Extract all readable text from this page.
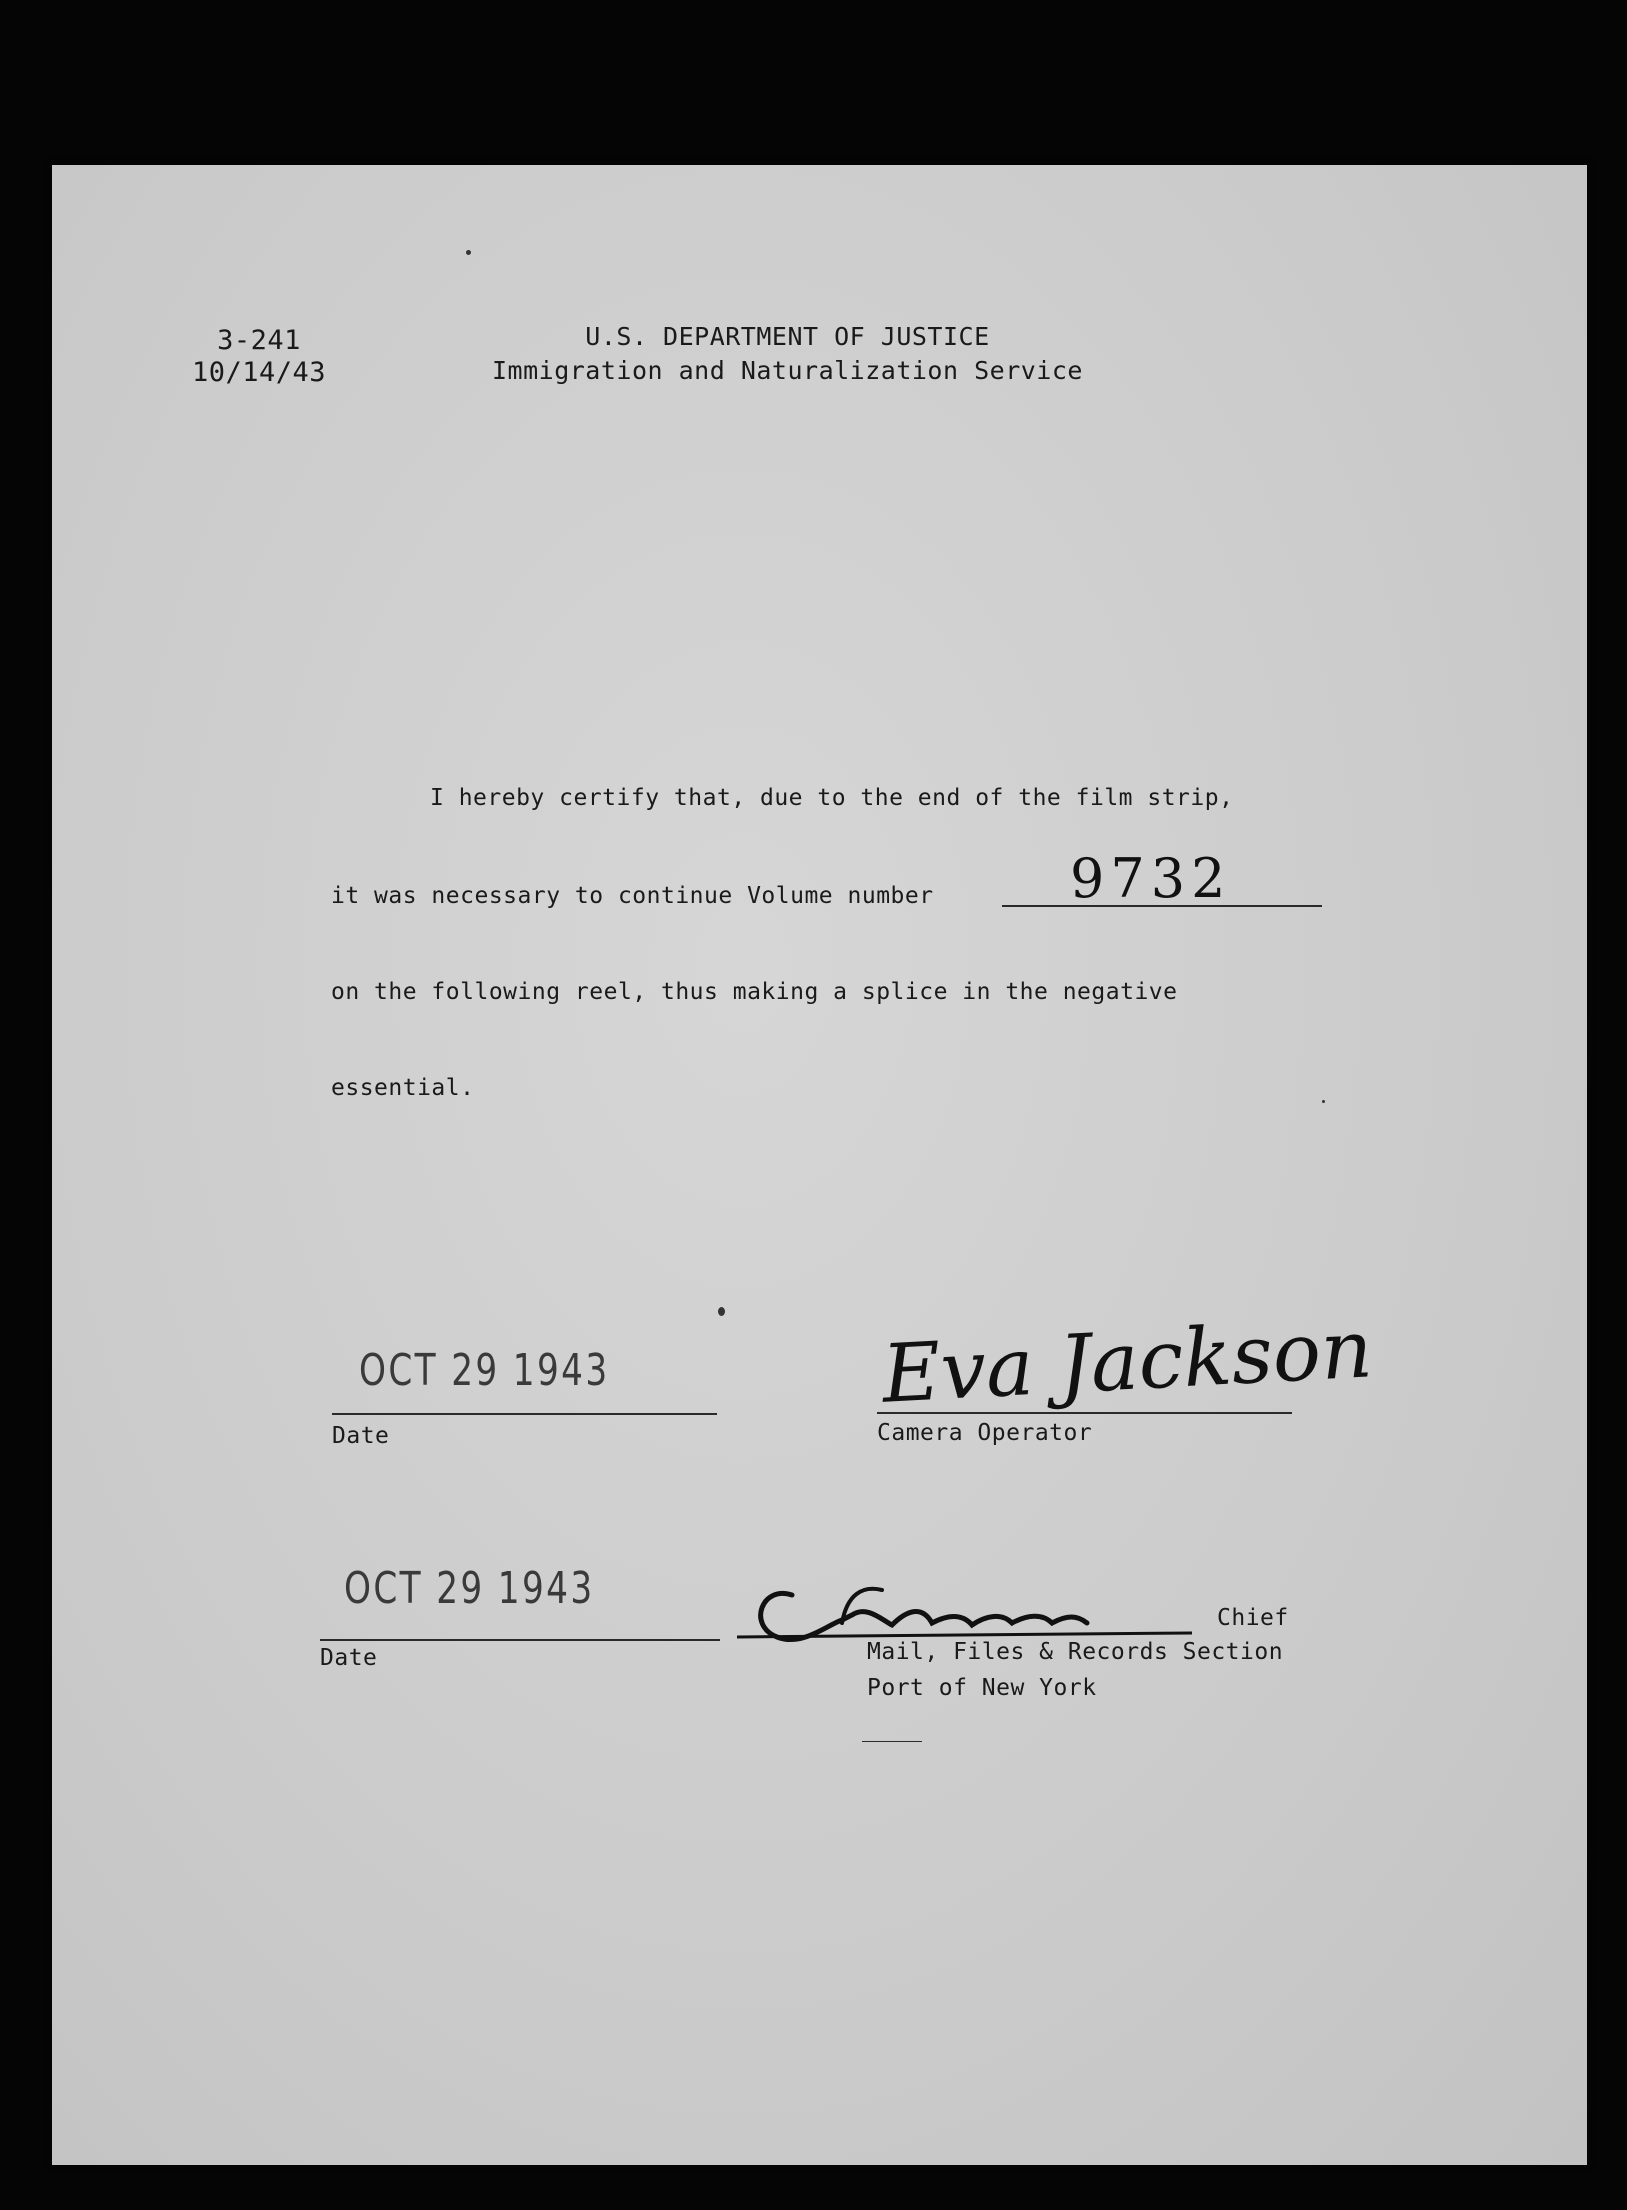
3-241
10/14/43
U.S. DEPARTMENT OF JUSTICE
Immigration and Naturalization Service
I hereby certify that, due to the end of the film strip,
it was necessary to continue Volume number	9732
on the following reel, thus making a splice in the negative
essential.
OCT 29 1943
Date
Eva Jackson
Camera Operator
OCT 29 1943
Date
Chief
Mail, Files & Records Section
Port of New York
